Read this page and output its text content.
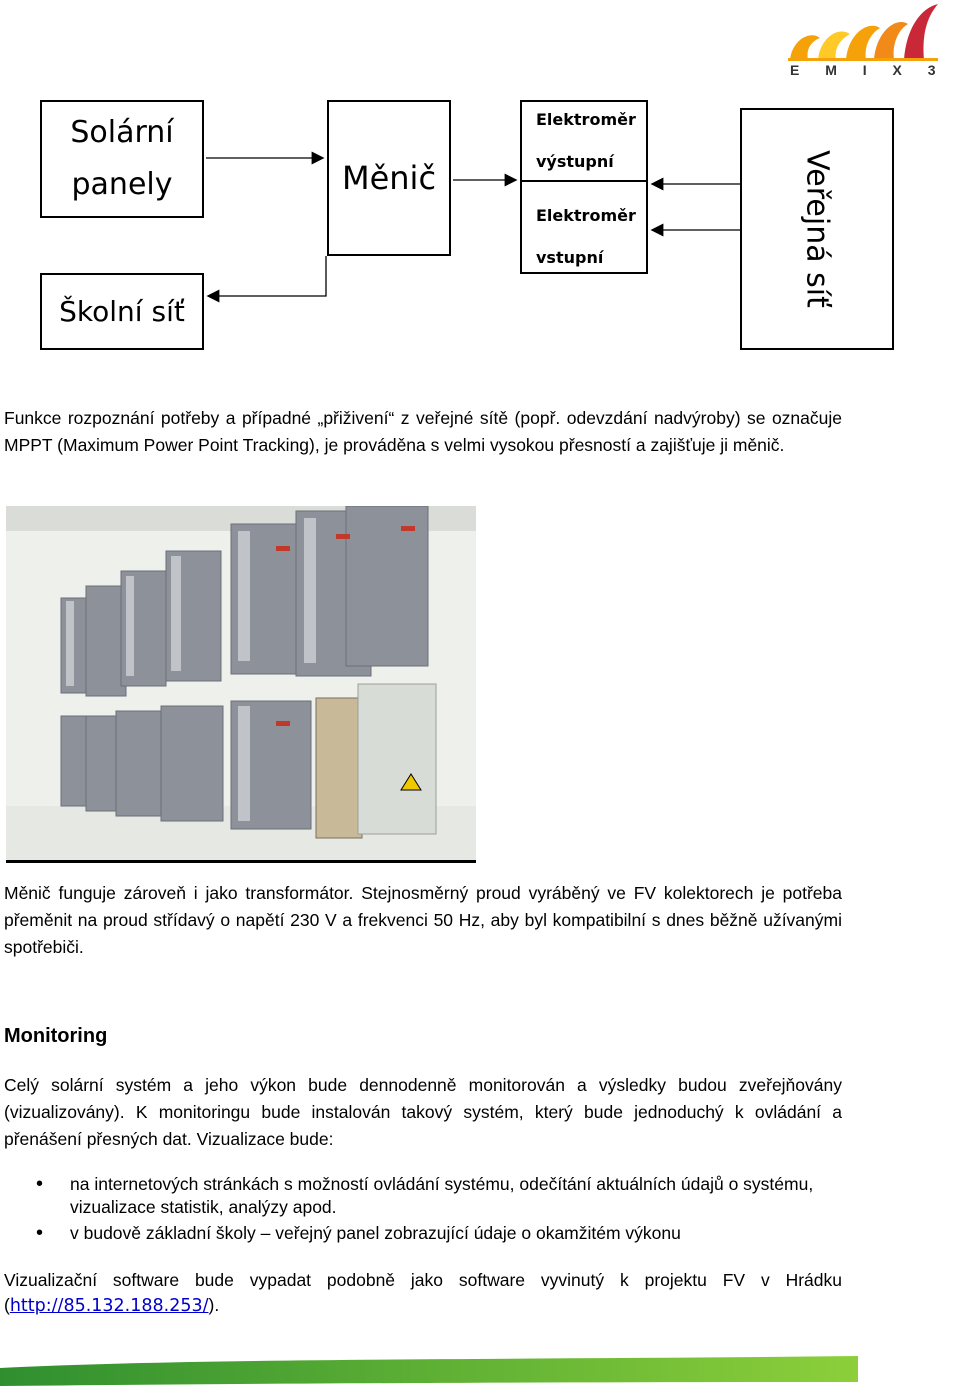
E M I X 3
Solární
panely	Měnič
Elektroměr
výstupní
Elektroměr
vstupní
Školní síť
Veřejná síť
Funkce rozpoznání potřeby a případné „přiživení“ z veřejné sítě (popř. odevzdání nadvýroby) se označuje MPPT (Maximum Power Point Tracking), je prováděna s velmi vysokou přesností a zajišťuje ji měnič.
Měnič funguje zároveň i jako transformátor. Stejnosměrný proud vyráběný ve FV kolektorech je potřeba přeměnit na proud střídavý o napětí 230 V a frekvenci 50 Hz, aby byl kompatibilní s dnes běžně užívanými spotřebiči.
Monitoring
Celý solární systém a jeho výkon bude dennodenně monitorován a výsledky budou zveřejňovány (vizualizovány). K monitoringu bude instalován takový systém, který bude jednoduchý k ovládání a přenášení přesných dat. Vizualizace bude:
• na internetových stránkách s možností ovládání systému, odečítání aktuálních údajů o systému, vizualizace statistik, analýzy apod.
• v budově základní školy – veřejný panel zobrazující údaje o okamžitém výkonu
Vizualizační software bude vypadat podobně jako software vyvinutý k projektu FV v Hrádku (http://85.132.188.253/).
